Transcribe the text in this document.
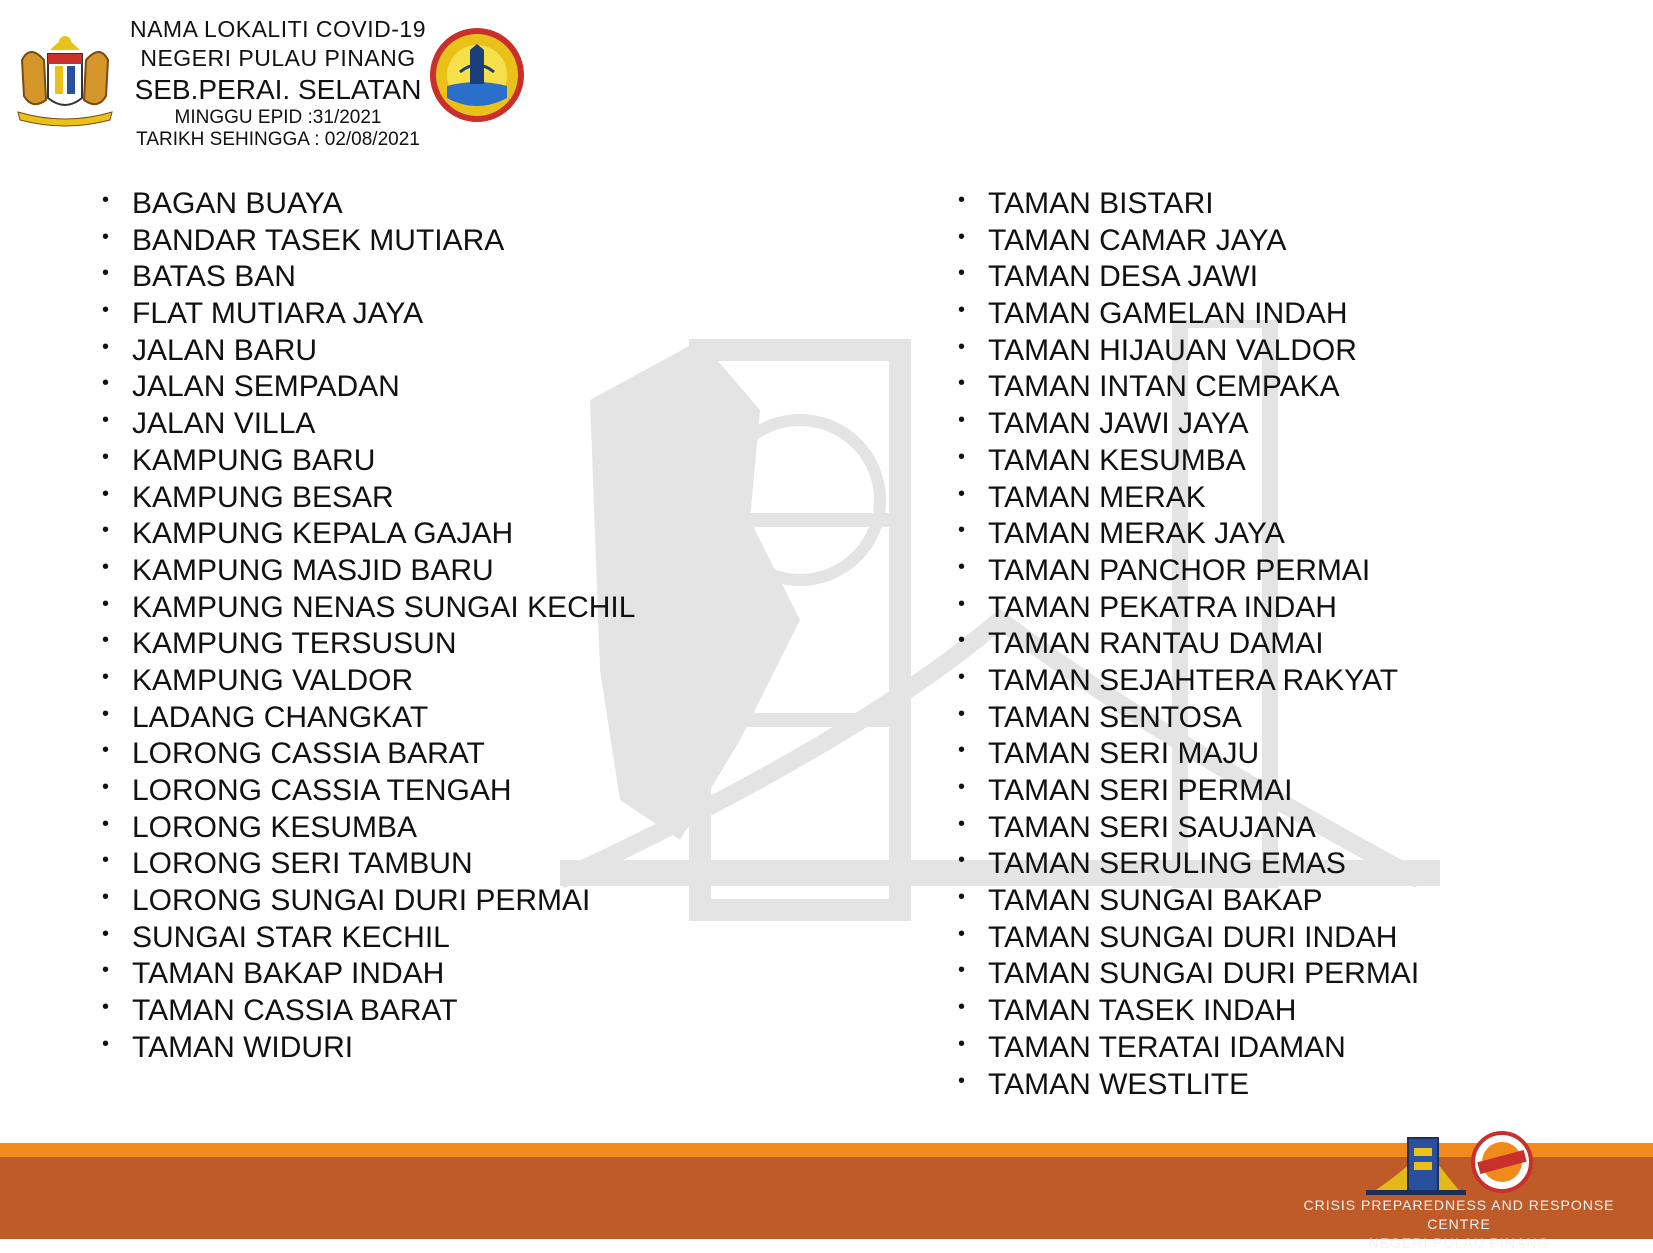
NAMA LOKALITI COVID-19
NEGERI PULAU PINANG
SEB.PERAI. SELATAN
MINGGU EPID :31/2021
TARIKH SEHINGGA : 02/08/2021
• BAGAN BUAYA
• BANDAR TASEK MUTIARA
• BATAS BAN
• FLAT MUTIARA JAYA
• JALAN BARU
• JALAN SEMPADAN
• JALAN VILLA
• KAMPUNG BARU
• KAMPUNG BESAR
• KAMPUNG KEPALA GAJAH
• KAMPUNG MASJID BARU
• KAMPUNG NENAS SUNGAI KECHIL
• KAMPUNG TERSUSUN
• KAMPUNG VALDOR
• LADANG CHANGKAT
• LORONG CASSIA BARAT
• LORONG CASSIA TENGAH
• LORONG KESUMBA
• LORONG SERI TAMBUN
• LORONG SUNGAI DURI PERMAI
• SUNGAI STAR KECHIL
• TAMAN BAKAP INDAH
• TAMAN CASSIA BARAT
• TAMAN WIDURI
• TAMAN BISTARI
• TAMAN CAMAR JAYA
• TAMAN DESA JAWI
• TAMAN GAMELAN INDAH
• TAMAN HIJAUAN VALDOR
• TAMAN INTAN CEMPAKA
• TAMAN JAWI JAYA
• TAMAN KESUMBA
• TAMAN MERAK
• TAMAN MERAK JAYA
• TAMAN PANCHOR PERMAI
• TAMAN PEKATRA INDAH
• TAMAN RANTAU DAMAI
• TAMAN SEJAHTERA RAKYAT
• TAMAN SENTOSA
• TAMAN SERI MAJU
• TAMAN SERI PERMAI
• TAMAN SERI SAUJANA
• TAMAN SERULING EMAS
• TAMAN SUNGAI BAKAP
• TAMAN SUNGAI DURI INDAH
• TAMAN SUNGAI DURI PERMAI
• TAMAN TASEK INDAH
• TAMAN TERATAI IDAMAN
• TAMAN WESTLITE
CRISIS PREPAREDNESS AND RESPONSE CENTRE
NEGERI PULAU PINANG
